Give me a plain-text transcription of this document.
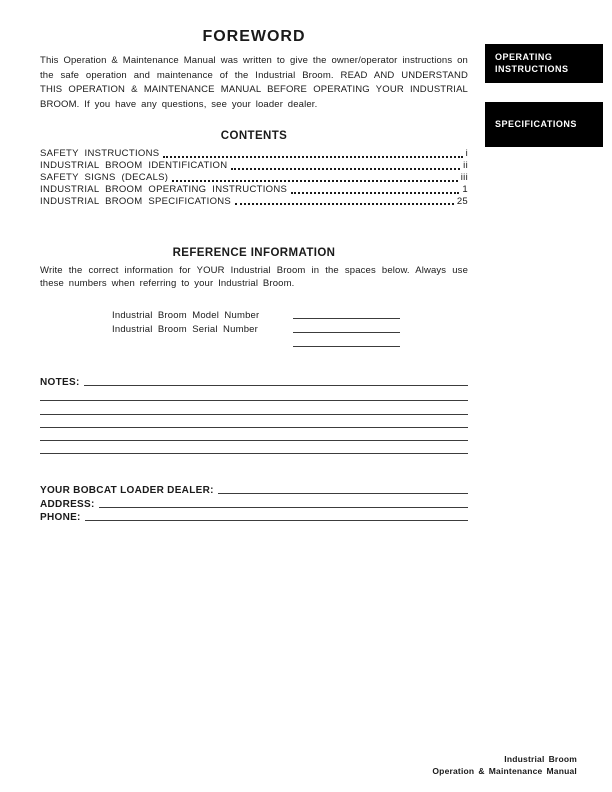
FOREWORD

This Operation & Maintenance Manual was written to give the owner/operator instructions on the safe operation and maintenance of the Industrial Broom. READ AND UNDERSTAND THIS OPERATION & MAINTENANCE MANUAL BEFORE OPERATING YOUR INDUSTRIAL BROOM. If you have any questions, see your loader dealer.

CONTENTS
SAFETY INSTRUCTIONS	i
INDUSTRIAL BROOM IDENTIFICATION	ii
SAFETY SIGNS (DECALS)	iii
INDUSTRIAL BROOM OPERATING INSTRUCTIONS	1
INDUSTRIAL BROOM SPECIFICATIONS	25
REFERENCE INFORMATION

Write the correct information for YOUR Industrial Broom in the spaces below. Always use these numbers when referring to your Industrial Broom.

Industrial Broom Model Number
Industrial Broom Serial Number
NOTES:
YOUR BOBCAT LOADER DEALER:
ADDRESS:
PHONE:
OPERATING INSTRUCTIONS
SPECIFICATIONS
Industrial Broom
Operation & Maintenance Manual
